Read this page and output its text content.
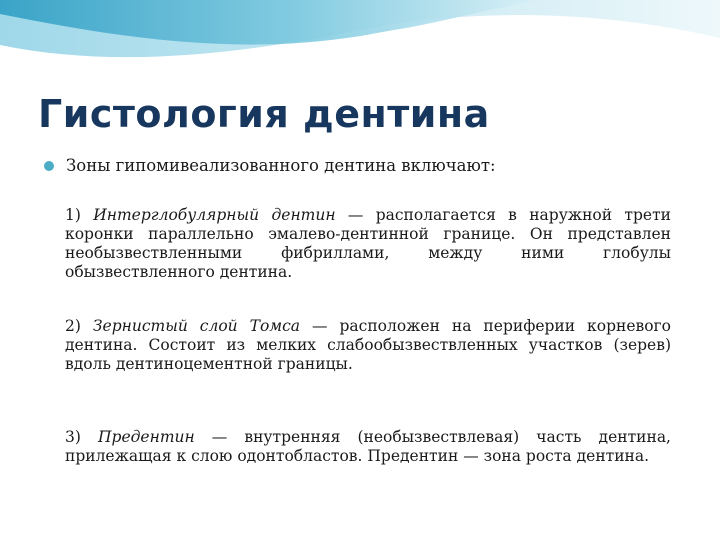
Гистология дентина
Зоны гипомивеализованного дентина включают:

1) Интерглобулярный дентин — располагается в наружной трети коронки параллельно эмалево-дентинной границе. Он представлен необызвествленными фибриллами, между ними глобулы обызвествленного дентина.

2) Зернистый слой Томса — расположен на периферии корневого дентина. Состоит из мелких слабообызвествленных участков (зерев) вдоль дентиноцементной границы.

3) Предентин — внутренняя (необызвествлевая) часть дентина, прилежащая к слою одонтобластов. Предентин — зона роста дентина.
